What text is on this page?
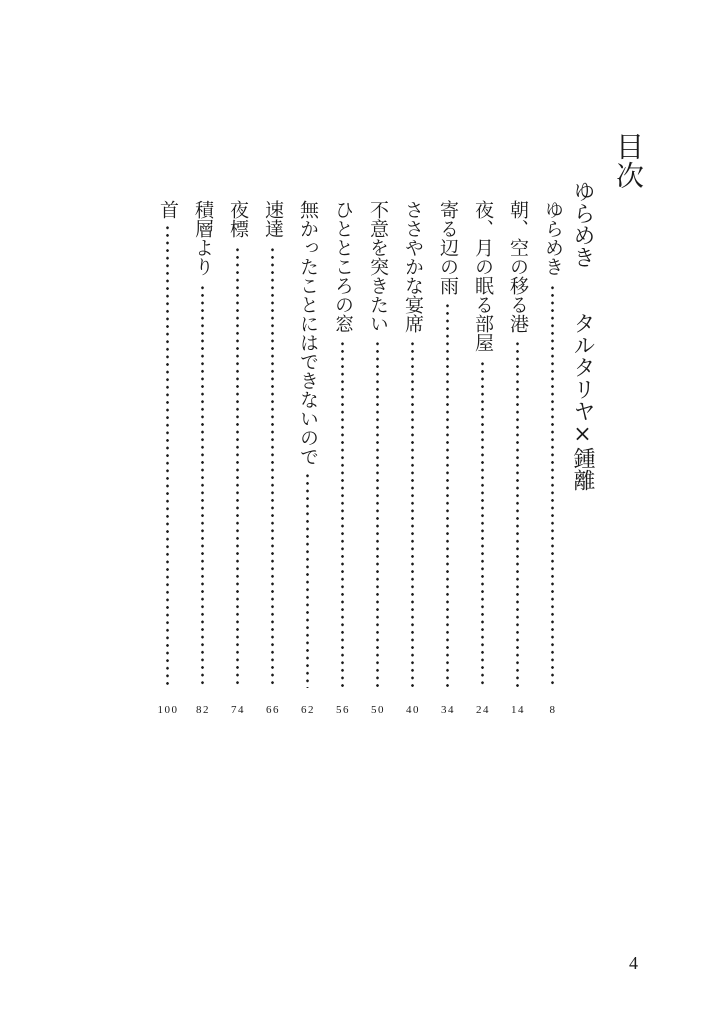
目次
ゆらめきタルタリヤ×鍾離
ゆらめき
朝、空の移る港
夜、月の眠る部屋
寄る辺の雨
ささやかな宴席
不意を突きたい
ひとところの窓
無かったことにはできないので
速達
夜標
積層より
首
8
14
24
34
40
50
56
62
66
74
82
100
4
